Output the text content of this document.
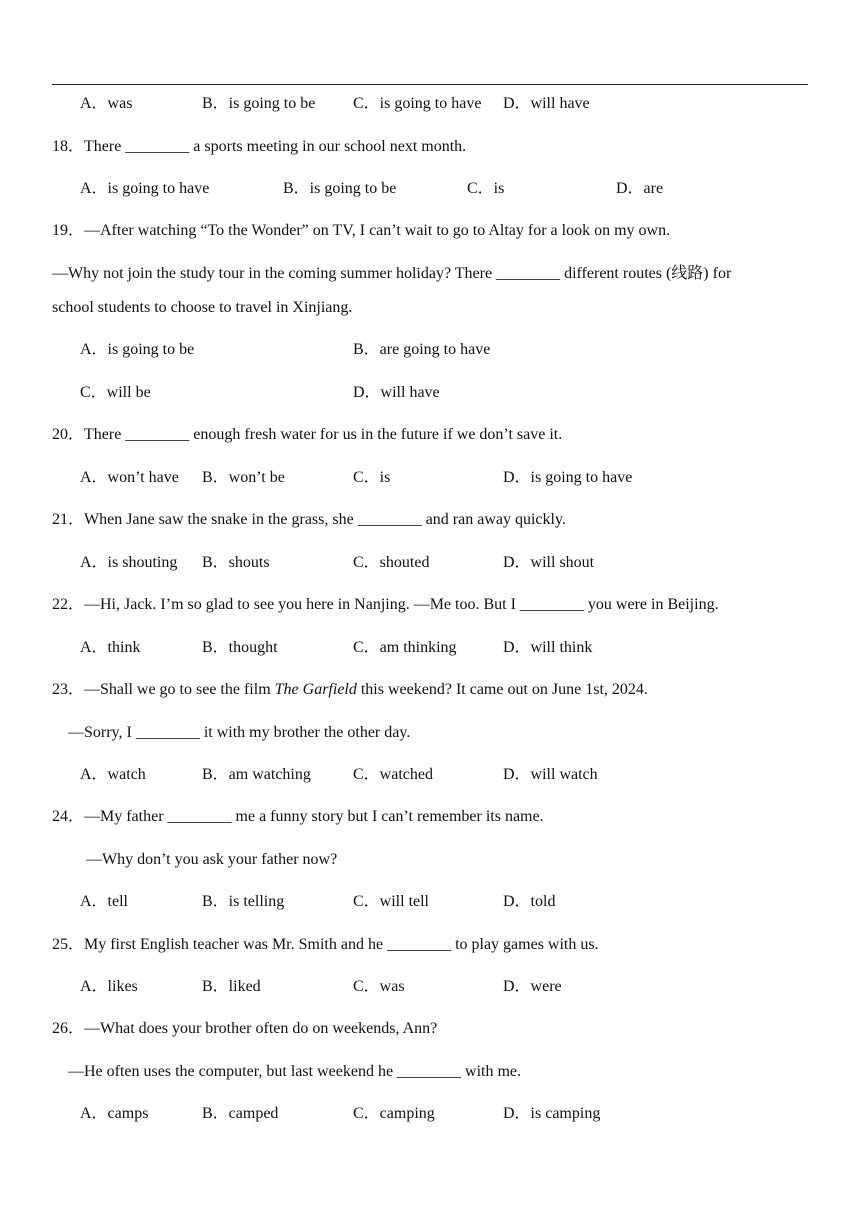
A．was	B．is going to be C．is going to have D．will have
18．There ________ a sports meeting in our school next month.
A．is going to have	B．is going to be	C．is	D．are
19．—After watching “To the Wonder” on TV, I can’t wait to go to Altay for a look on my own.
—Why not join the study tour in the coming summer holiday? There ________ different routes (线路) for
school students to choose to travel in Xinjiang.
A．is going to be	B．are going to have
C．will be	D．will have
20．There ________ enough fresh water for us in the future if we don’t save it.
A．won’t have B．won’t be	C．is	D．is going to have
21．When Jane saw the snake in the grass, she ________ and ran away quickly.
A．is shouting B．shouts	C．shouted	D．will shout
22．—Hi, Jack. I’m so glad to see you here in Nanjing. —Me too. But I ________ you were in Beijing.
A．think	B．thought	C．am thinking	D．will think
23．—Shall we go to see the film The Garfield this weekend? It came out on June 1st, 2024.
—Sorry, I ________ it with my brother the other day.
A．watch	B．am watching	C．watched	D．will watch
24．—My father ________ me a funny story but I can’t remember its name.
—Why don’t you ask your father now?
A．tell	B．is telling	C．will tell	D．told
25．My first English teacher was Mr. Smith and he ________ to play games with us.
A．likes	B．liked	C．was	D．were
26．—What does your brother often do on weekends, Ann?
—He often uses the computer, but last weekend he ________ with me.
A．camps	B．camped	C．camping	D．is camping
